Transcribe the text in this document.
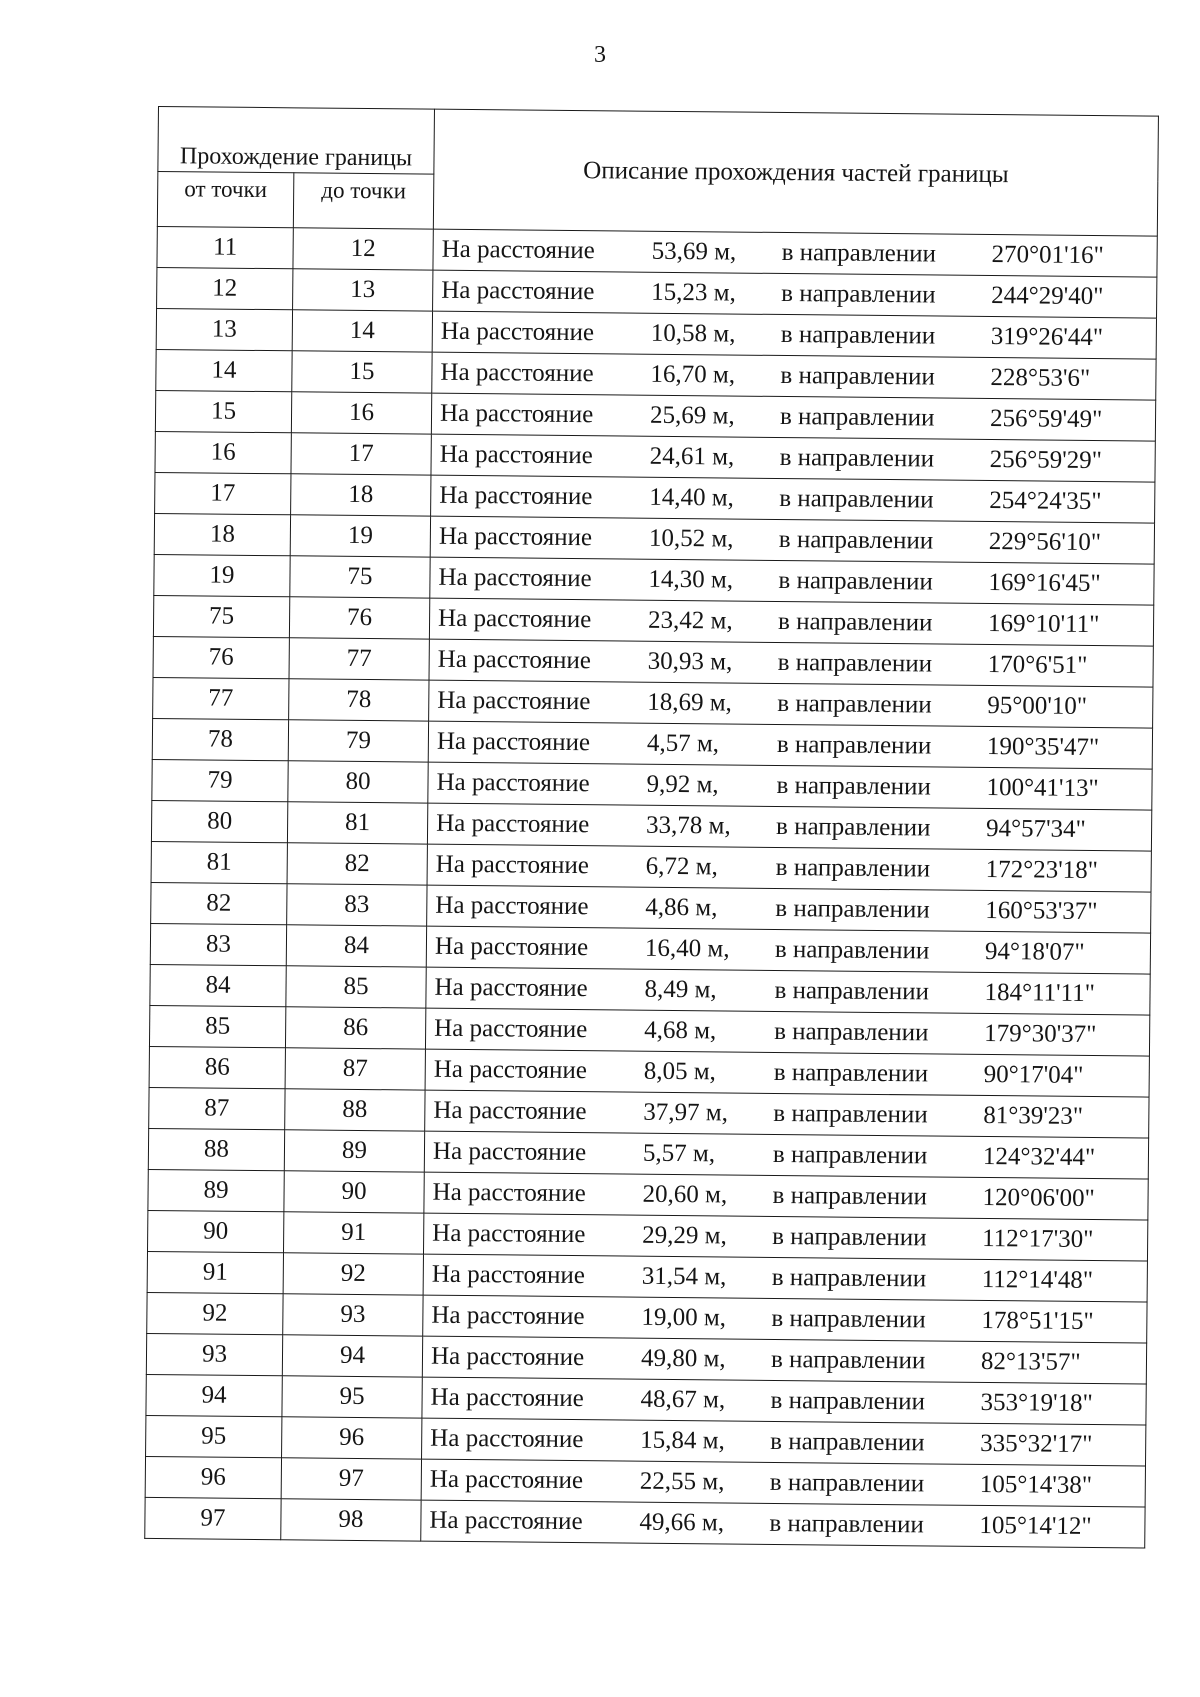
3
Прохождение границы		Описание прохождения частей границы
от точки	до точки	
11	12	На расстояние 53,69 м, в направлении 270°01'16"

12	13	На расстояние 15,23 м, в направлении 244°29'40"

13	14	На расстояние 10,58 м, в направлении 319°26'44"

14	15	На расстояние 16,70 м, в направлении 228°53'6"

15	16	На расстояние 25,69 м, в направлении 256°59'49"

16	17	На расстояние 24,61 м, в направлении 256°59'29"

17	18	На расстояние 14,40 м, в направлении 254°24'35"

18	19	На расстояние 10,52 м, в направлении 229°56'10"

19	75	На расстояние 14,30 м, в направлении 169°16'45"

75	76	На расстояние 23,42 м, в направлении 169°10'11"

76	77	На расстояние 30,93 м, в направлении 170°6'51"

77	78	На расстояние 18,69 м, в направлении 95°00'10"

78	79	На расстояние 4,57 м, в направлении 190°35'47"

79	80	На расстояние 9,92 м, в направлении 100°41'13"

80	81	На расстояние 33,78 м, в направлении 94°57'34"

81	82	На расстояние 6,72 м, в направлении 172°23'18"

82	83	На расстояние 4,86 м, в направлении 160°53'37"

83	84	На расстояние 16,40 м, в направлении 94°18'07"

84	85	На расстояние 8,49 м, в направлении 184°11'11"

85	86	На расстояние 4,68 м, в направлении 179°30'37"

86	87	На расстояние 8,05 м, в направлении 90°17'04"

87	88	На расстояние 37,97 м, в направлении 81°39'23"

88	89	На расстояние 5,57 м, в направлении 124°32'44"

89	90	На расстояние 20,60 м, в направлении 120°06'00"

90	91	На расстояние 29,29 м, в направлении 112°17'30"

91	92	На расстояние 31,54 м, в направлении 112°14'48"

92	93	На расстояние 19,00 м, в направлении 178°51'15"

93	94	На расстояние 49,80 м, в направлении 82°13'57"

94	95	На расстояние 48,67 м, в направлении 353°19'18"

95	96	На расстояние 15,84 м, в направлении 335°32'17"

96	97	На расстояние 22,55 м, в направлении 105°14'38"

97	98	На расстояние 49,66 м, в направлении 105°14'12"
